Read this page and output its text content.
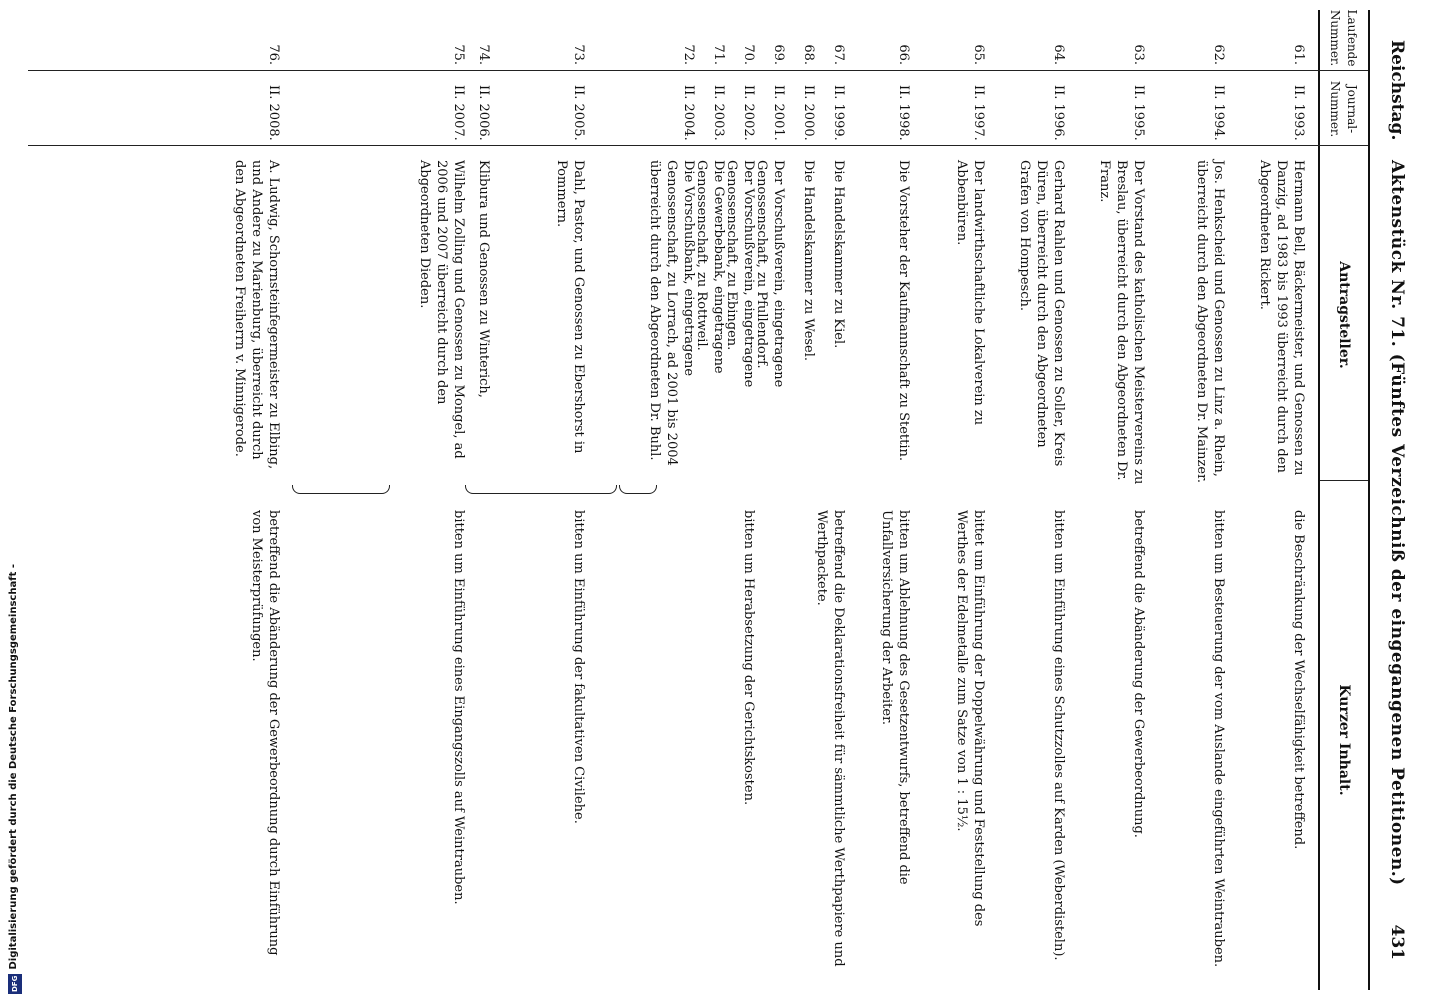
Reichstag.
Aktenstück Nr. 71. (Fünftes Verzeichniß der eingegangenen Petitionen.)
431
Laufende Nummer.
Journal-Nummer.
Antragsteller.
Kurzer Inhalt.
61.
II. 1993.
Hermann Bell, Bäckermeister, und Genossen zu Danzig, ad 1983 bis 1993 überreicht durch den Abgeordneten Rickert.
die Beschränkung der Wechselfähigkeit betreffend.
62.
II. 1994.
Jos. Henkscheid und Genossen zu Linz a. Rhein, überreicht durch den Abgeordneten Dr. Mainzer.
bitten um Besteuerung der vom Auslande eingeführten Weintrauben.
63.
II. 1995.
Der Vorstand des katholischen Meistervereins zu Breslau, überreicht durch den Abgeordneten Dr. Franz.
betreffend die Abänderung der Gewerbeordnung.
64.
II. 1996.
Gerhard Rahlen und Genossen zu Soller, Kreis Düren, überreicht durch den Abgeordneten Grafen von Hompesch.
bitten um Einführung eines Schutzzolles auf Karden (Weberdisteln).
65.
II. 1997.
Der landwirthschaftliche Lokalverein zu Abbenbüren.
bittet um Einführung der Doppelwährung und Feststellung des Werthes der Edelmetalle zum Satze von 1 : 15½.
66.
II. 1998.
Die Vorsteher der Kaufmannschaft zu Stettin.
bitten um Ablehnung des Gesetzentwurfs, betreffend die Unfallversicherung der Arbeiter.
67.
II. 1999.
Die Handelskammer zu Kiel.
betreffend die Deklarationsfreiheit für sämmtliche Werthpapiere und Werthpackete.
68.
II. 2000.
Die Handelskammer zu Wesel.
69.
II. 2001.
Der Vorschußverein, eingetragene Genossenschaft, zu Pfullendorf.
70.
II. 2002.
Der Vorschußverein, eingetragene Genossenschaft, zu Ebingen.
bitten um Herabsetzung der Gerichtskosten.
71.
II. 2003.
Die Gewerbebank, eingetragene Genossenschaft, zu Rottweil.
72.
II. 2004.
Die Vorschußbank, eingetragene Genossenschaft, zu Lorrach, ad 2001 bis 2004 überreicht durch den Abgeordneten Dr. Buhl.
73.
II. 2005.
Dahl, Pastor, und Genossen zu Ebershorst in Pommern.
bitten um Einführung der fakultativen Civilehe.
74.
II. 2006.
Klibura und Genossen zu Winterich,
75.
II. 2007.
Wilhelm Zolling und Genossen zu Mongel, ad 2006 und 2007 überreicht durch den Abgeordneten Dieden.
bitten um Einführung eines Eingangszolls auf Weintrauben.
76.
II. 2008.
A. Ludwig, Schornsteinfegermeister zu Elbing, und Andere zu Marienburg, überreicht durch den Abgeordneten Freiherrn v. Minnigerode.
betreffend die Abänderung der Gewerbeordnung durch Einführung von Meisterprüfungen.
Digitalisierung gefördert durch die Deutsche Forschungsgemeinschaft -
DFG
